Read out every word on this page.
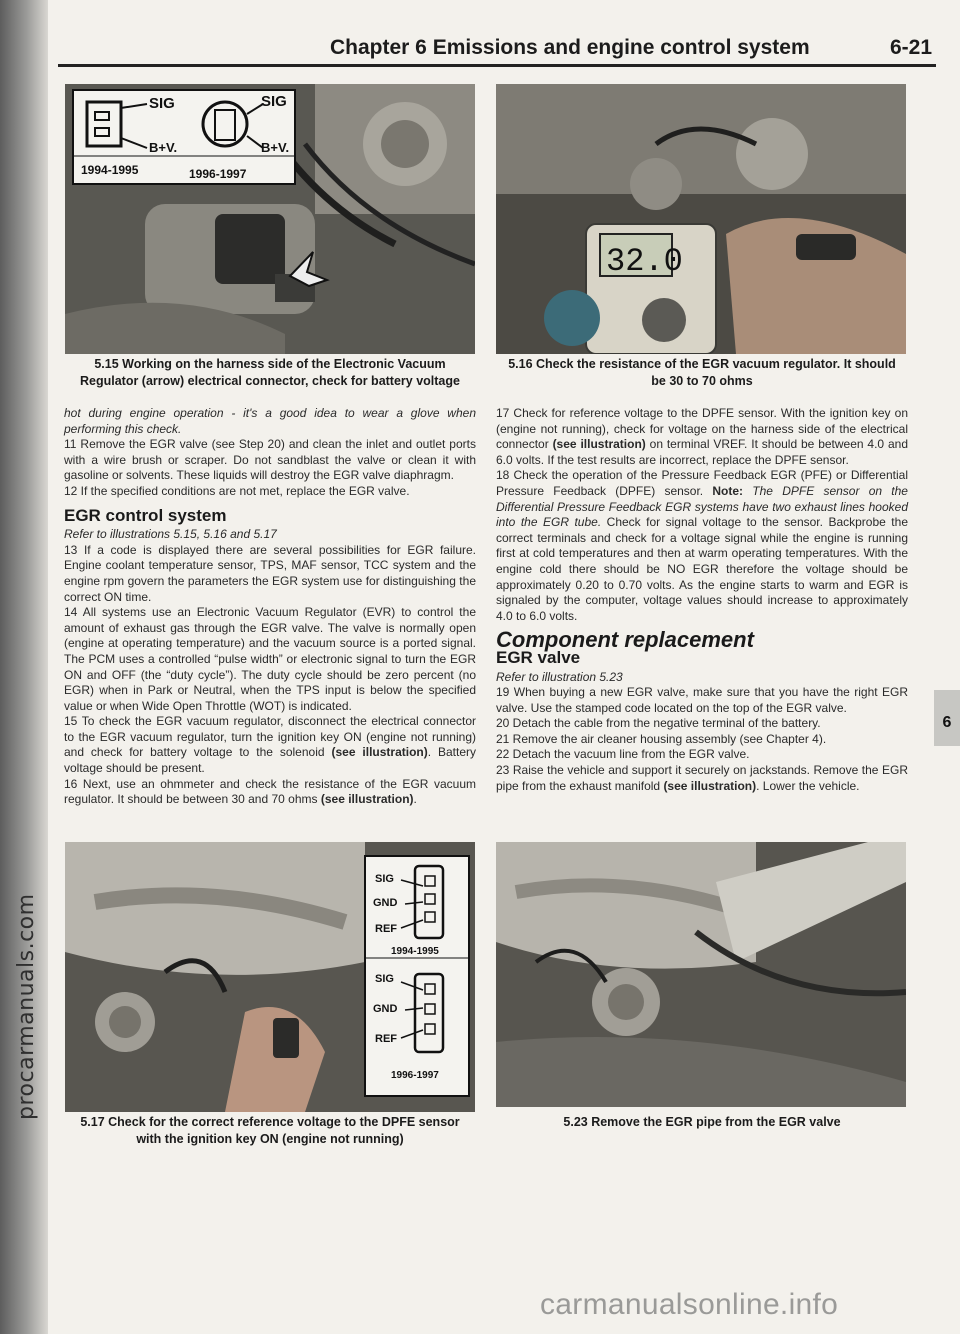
procarmanuals.com
Chapter 6 Emissions and engine control system	6-21
SIG	SIG
B+V.	B+V.
1994-1995	1996-1997
5.15 Working on the harness side of the Electronic Vacuum
Regulator (arrow) electrical connector, check for battery voltage
32.0
5.16 Check the resistance of the EGR vacuum regulator. It should
be 30 to 70 ohms

hot during engine operation - it's a good idea to wear a glove when performing this check.

11 Remove the EGR valve (see Step 20) and clean the inlet and outlet ports with a wire brush or scraper. Do not sandblast the valve or clean it with gasoline or solvents. These liquids will destroy the EGR valve diaphragm.

12 If the specified conditions are not met, replace the EGR valve.

EGR control system

Refer to illustrations 5.15, 5.16 and 5.17

13 If a code is displayed there are several possibilities for EGR failure. Engine coolant temperature sensor, TPS, MAF sensor, TCC system and the engine rpm govern the parameters the EGR system use for distinguishing the correct ON time.

14 All systems use an Electronic Vacuum Regulator (EVR) to control the amount of exhaust gas through the EGR valve. The valve is normally open (engine at operating temperature) and the vacuum source is a ported signal. The PCM uses a controlled “pulse width” or electronic signal to turn the EGR ON and OFF (the “duty cycle”). The duty cycle should be zero percent (no EGR) when in Park or Neutral, when the TPS input is below the specified value or when Wide Open Throttle (WOT) is indicated.

15 To check the EGR vacuum regulator, disconnect the electrical connector to the EGR vacuum regulator, turn the ignition key ON (engine not running) and check for battery voltage to the solenoid (see illustration). Battery voltage should be present.

16 Next, use an ohmmeter and check the resistance of the EGR vacuum regulator. It should be between 30 and 70 ohms (see illustration).

17 Check for reference voltage to the DPFE sensor. With the ignition key on (engine not running), check for voltage on the harness side of the electrical connector (see illustration) on terminal VREF. It should be between 4.0 and 6.0 volts. If the test results are incorrect, replace the DPFE sensor.

18 Check the operation of the Pressure Feedback EGR (PFE) or Differential Pressure Feedback (DPFE) sensor. Note: The DPFE sensor on the Differential Pressure Feedback EGR systems have two exhaust lines hooked into the EGR tube. Check for signal voltage to the sensor. Backprobe the correct terminals and check for a voltage signal while the engine is running first at cold temperatures and then at warm operating temperatures. With the engine cold there should be NO EGR therefore the voltage should be approximately 0.20 to 0.70 volts. As the engine starts to warm and EGR is signaled by the computer, voltage values should increase to approximately 4.0 to 6.0 volts.

Component replacement
EGR valve

Refer to illustration 5.23

19 When buying a new EGR valve, make sure that you have the right EGR valve. Use the stamped code located on the top of the EGR valve.

20 Detach the cable from the negative terminal of the battery.

21 Remove the air cleaner housing assembly (see Chapter 4).

22 Detach the vacuum line from the EGR valve.

23 Raise the vehicle and support it securely on jackstands. Remove the EGR pipe from the exhaust manifold (see illustration). Lower the vehicle.

6
SIG
GND
REF
1994-1995
SIG
GND
REF
1996-1997
5.17 Check for the correct reference voltage to the DPFE sensor
with the ignition key ON (engine not running)
5.23 Remove the EGR pipe from the EGR valve
carmanualsonline.info
